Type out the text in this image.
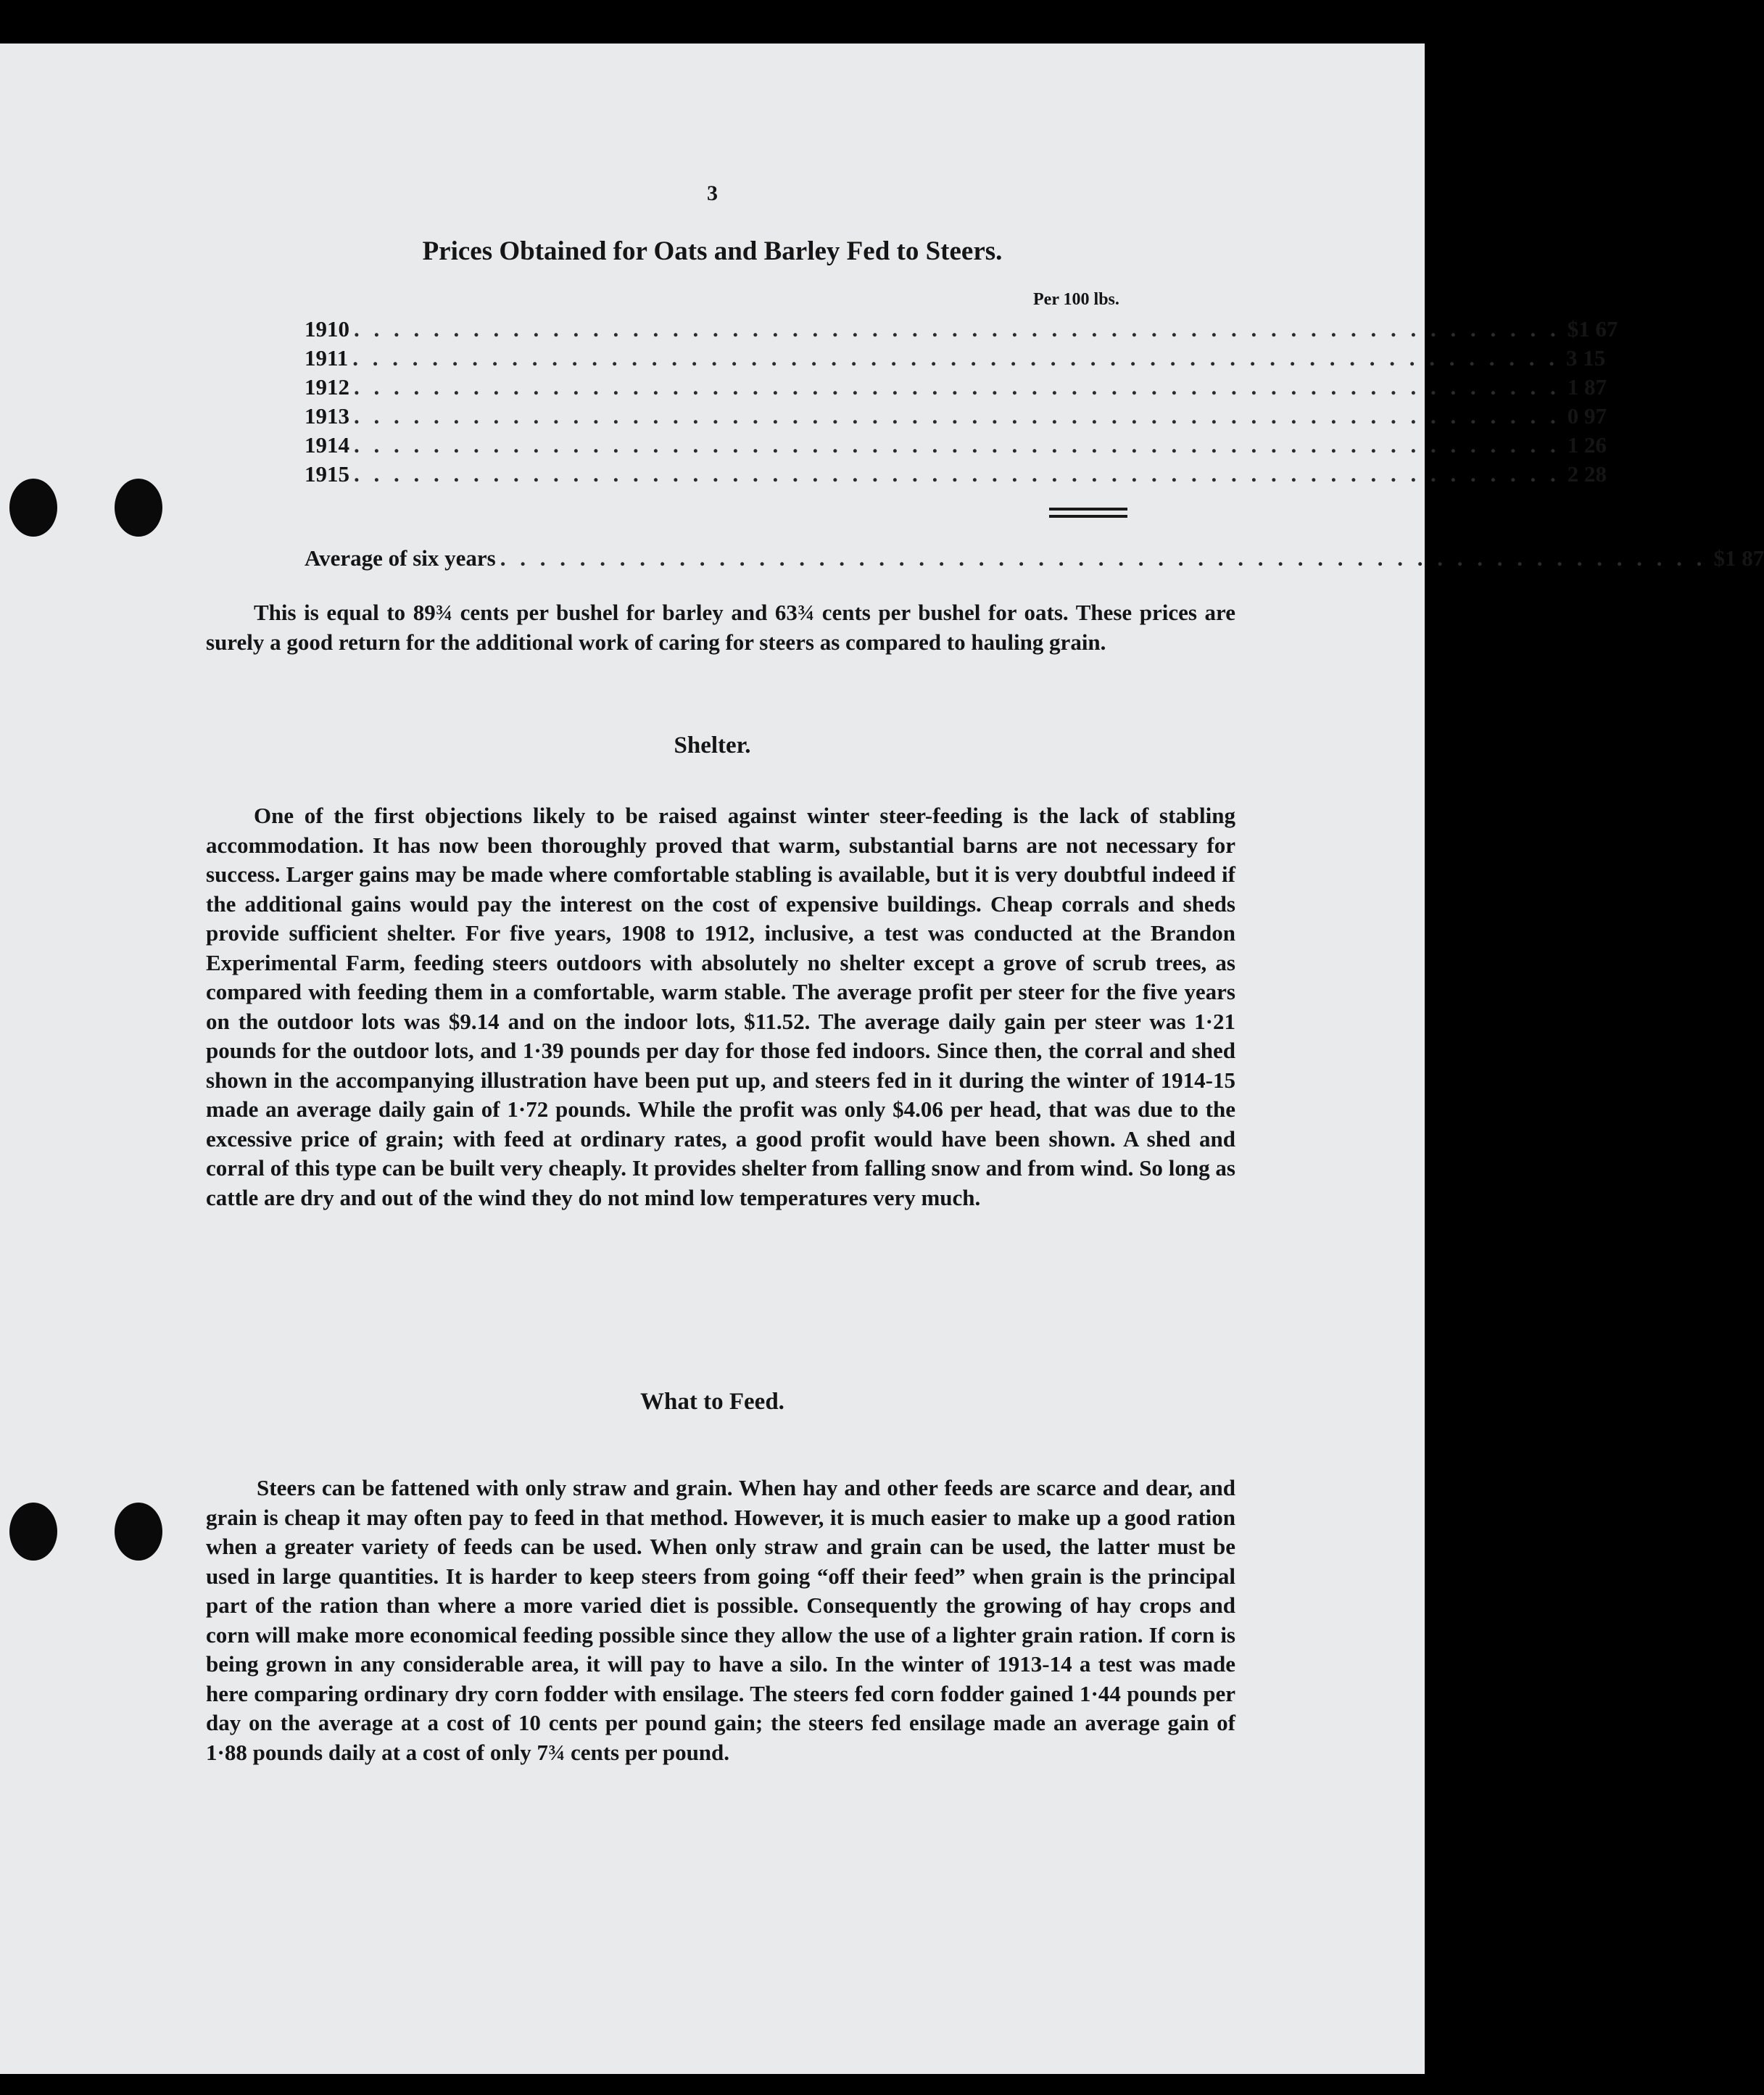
3
Prices Obtained for Oats and Barley Fed to Steers.
Per 100 lbs.
1910 . . . . . . . . . . . . . . . . . . . . . . . . . . . . . . . . . . . . . . . . . . . . . . . . . . . . . . . . . . . . . $1 67
1911 . . . . . . . . . . . . . . . . . . . . . . . . . . . . . . . . . . . . . . . . . . . . . . . . . . . . . . . . . . . . . 3 15
1912 . . . . . . . . . . . . . . . . . . . . . . . . . . . . . . . . . . . . . . . . . . . . . . . . . . . . . . . . . . . . . 1 87
1913 . . . . . . . . . . . . . . . . . . . . . . . . . . . . . . . . . . . . . . . . . . . . . . . . . . . . . . . . . . . . . 0 97
1914 . . . . . . . . . . . . . . . . . . . . . . . . . . . . . . . . . . . . . . . . . . . . . . . . . . . . . . . . . . . . . 1 26
1915 . . . . . . . . . . . . . . . . . . . . . . . . . . . . . . . . . . . . . . . . . . . . . . . . . . . . . . . . . . . . . 2 28
Average of six years . . . . . . . . . . . . . . . . . . . . . . . . . . . . . . . . . . . . . . . . . . . . . . . . . . . . . . . . . . . . . $1 87

This is equal to 89¾ cents per bushel for barley and 63¾ cents per bushel for oats. These prices are surely a good return for the additional work of caring for steers as compared to hauling grain.

Shelter.

One of the first objections likely to be raised against winter steer-feeding is the lack of stabling accommodation. It has now been thoroughly proved that warm, substantial barns are not necessary for success. Larger gains may be made where comfortable stabling is available, but it is very doubtful indeed if the additional gains would pay the interest on the cost of expensive buildings. Cheap corrals and sheds provide sufficient shelter. For five years, 1908 to 1912, inclusive, a test was conducted at the Brandon Experimental Farm, feeding steers outdoors with absolutely no shelter except a grove of scrub trees, as compared with feeding them in a comfortable, warm stable. The average profit per steer for the five years on the outdoor lots was $9.14 and on the indoor lots, $11.52. The average daily gain per steer was 1·21 pounds for the outdoor lots, and 1·39 pounds per day for those fed indoors. Since then, the corral and shed shown in the accompanying illustration have been put up, and steers fed in it during the winter of 1914-15 made an average daily gain of 1·72 pounds. While the profit was only $4.06 per head, that was due to the excessive price of grain; with feed at ordinary rates, a good profit would have been shown. A shed and corral of this type can be built very cheaply. It provides shelter from falling snow and from wind. So long as cattle are dry and out of the wind they do not mind low temperatures very much.

What to Feed.

Steers can be fattened with only straw and grain. When hay and other feeds are scarce and dear, and grain is cheap it may often pay to feed in that method. However, it is much easier to make up a good ration when a greater variety of feeds can be used. When only straw and grain can be used, the latter must be used in large quantities. It is harder to keep steers from going “off their feed” when grain is the principal part of the ration than where a more varied diet is possible. Consequently the growing of hay crops and corn will make more economical feeding possible since they allow the use of a lighter grain ration. If corn is being grown in any considerable area, it will pay to have a silo. In the winter of 1913-14 a test was made here comparing ordinary dry corn fodder with ensilage. The steers fed corn fodder gained 1·44 pounds per day on the average at a cost of 10 cents per pound gain; the steers fed ensilage made an average gain of 1·88 pounds daily at a cost of only 7¾ cents per pound.
